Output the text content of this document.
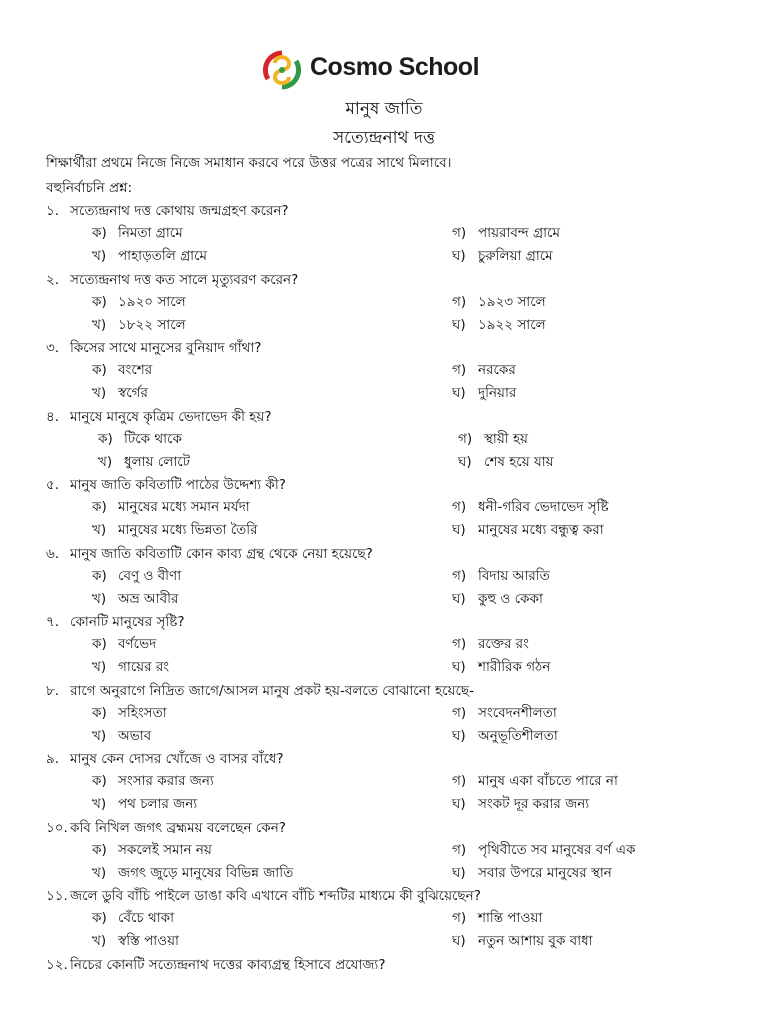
Cosmo School
মানুষ জাতি
সত্যেন্দ্রনাথ দত্ত
শিক্ষার্থীরা প্রথমে নিজে নিজে সমাধান করবে পরে উত্তর পত্রের সাথে মিলাবে।
বহুনির্বাচনি প্রশ্ন:
১. সত্যেন্দ্রনাথ দত্ত কোথায় জন্মগ্রহণ করেন?
ক) নিমতা গ্রামে
খ) পাহাড়তলি গ্রামে
গ) পায়রাবন্দ গ্রামে
ঘ) চুরুলিয়া গ্রামে
২. সত্যেন্দ্রনাথ দত্ত কত সালে মৃত্যুবরণ করেন?
ক) ১৯২০ সালে
খ) ১৮২২ সালে
গ) ১৯২৩ সালে
ঘ) ১৯২২ সালে
৩. কিসের সাথে মানুসের বুনিয়াদ গাঁথা?
ক) বংশের
খ) স্বর্গের
গ) নরকের
ঘ) দুনিয়ার
৪. মানুষে মানুষে কৃত্রিম ভেদাভেদ কী হয়?
ক) টিকে থাকে
খ) ধুলায় লোটে
গ) স্থায়ী হয়
ঘ) শেষ হয়ে যায়
৫. মানুষ জাতি কবিতাটি পাঠের উদ্দেশ্য কী?
ক) মানুষের মধ্যে সমান মর্যদা
খ) মানুষের মধ্যে ভিন্নতা তৈরি
গ) ধনী-গরিব ভেদাভেদ সৃষ্টি
ঘ) মানুষের মধ্যে বন্ধুত্ব করা
৬. মানুষ জাতি কবিতাটি কোন কাব্য গ্রন্থ থেকে নেয়া হয়েছে?
ক) বেণু ও বীণা
খ) অভ্র আবীর
গ) বিদায় আরতি
ঘ) কুহু ও কেকা
৭. কোনটি মানুষের সৃষ্টি?
ক) বর্ণভেদ
খ) গায়ের রং
গ) রক্তের রং
ঘ) শারীরিক গঠন
৮. রাগে অনুরাগে নিদ্রিত জাগে/আসল মানুষ প্রকট হয়-বলতে বোঝানো হয়েছে-
ক) সহিংসতা
খ) অভাব
গ) সংবেদনশীলতা
ঘ) অনুভূতিশীলতা
৯. মানুষ কেন দোসর খোঁজে ও বাসর বাঁধে?
ক) সংসার করার জন্য
খ) পথ চলার জন্য
গ) মানুষ একা বাঁচতে পারে না
ঘ) সংকট দূর করার জন্য
১০. কবি নিখিল জগৎ ব্রহ্মময় বলেছেন কেন?
ক) সকলেই সমান নয়
খ) জগৎ জুড়ে মানুষের বিভিন্ন জাতি
গ) পৃথিবীতে সব মানুষের বর্ণ এক
ঘ) সবার উপরে মানুষের স্থান
১১. জলে ডুবি বাঁচি পাইলে ডাঙা কবি এখানে বাঁচি শব্দটির মাধ্যমে কী বুঝিয়েছেন?
ক) বেঁচে থাকা
খ) স্বস্তি পাওয়া
গ) শান্তি পাওয়া
ঘ) নতুন আশায় বুক বাধা
১২. নিচের কোনটি সত্যেন্দ্রনাথ দত্তের কাব্যগ্রন্থ হিসাবে প্রযোজ্য?
